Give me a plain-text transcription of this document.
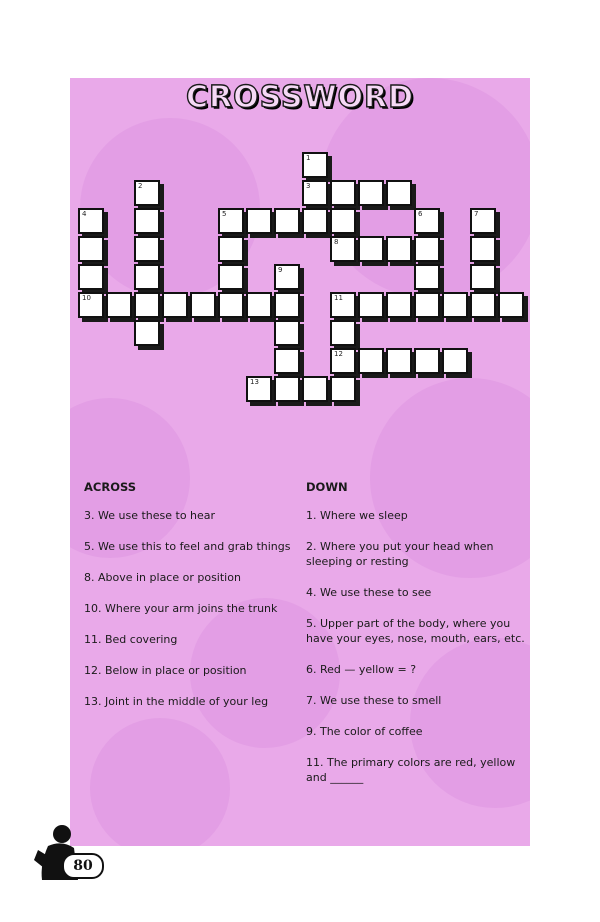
CROSSWORD
1
2	3
4	5	6	7
8
9
10	11
12
13
ACROSS
3. We use these to hear
5. We use this to feel and grab things
8. Above in place or position
10. Where your arm joins the trunk
11. Bed covering
12. Below in place or position
13. Joint in the middle of your leg
DOWN
1. Where we sleep
2. Where you put your head when sleeping or resting
4. We use these to see
5. Upper part of the body, where you have your eyes, nose, mouth, ears, etc.
6. Red — yellow = ?
7. We use these to smell
9. The color of coffee
11. The primary colors are red, yellow and ______
80
